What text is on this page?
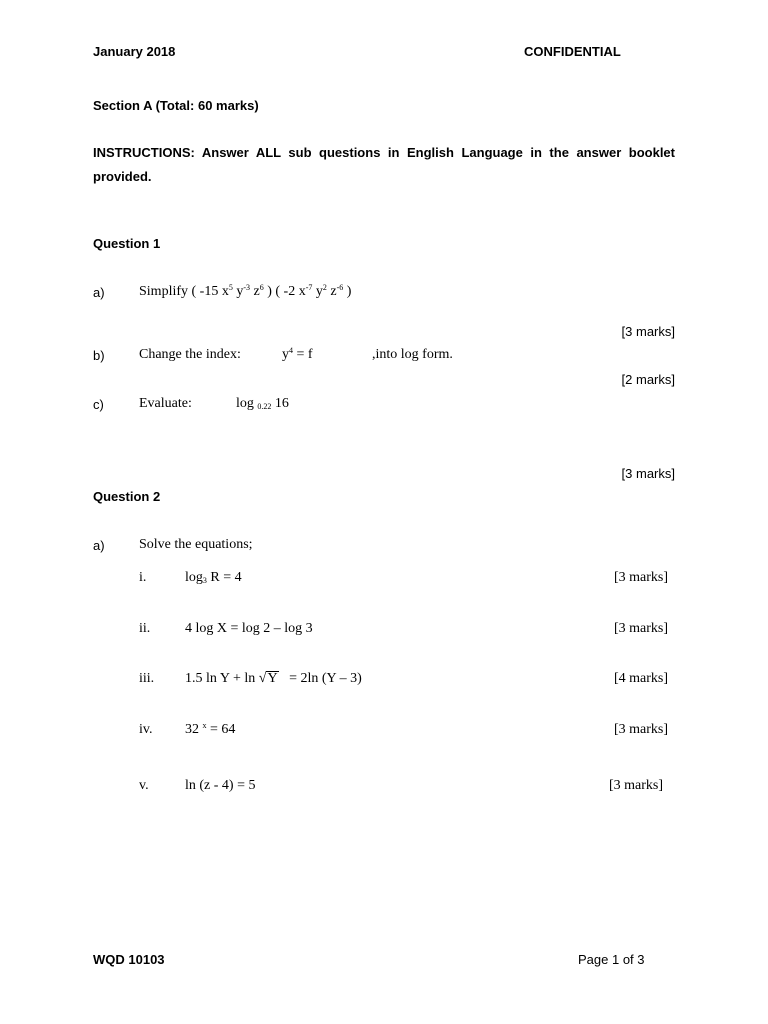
January 2018	CONFIDENTIAL
Section A (Total: 60 marks)
INSTRUCTIONS: Answer ALL sub questions in English Language in the answer booklet provided.
Question 1
a) Simplify ( -15 $x^5$ $y^{-3}$ $z^6$ ) ( -2 $x^{-7}$ $y^2$ $z^{-6}$ )
[3 marks]
b) Change the index:	$y^4 = f$	,into log form.
[2 marks]
c)	Evaluate:	log $_{0.22}$ 16
[3 marks]
Question 2
a) Solve the equations;
i.	$\log_3 R = 4$	[3 marks]
ii. 4 log X = log 2 – log 3	[3 marks]
iii. 1.5 ln Y + ln √Y   = 2ln (Y – 3)	[4 marks]
iv. 32 $^x$ = 64	[3 marks]
v.	ln (z - 4) = 5	[3 marks]
WQD 10103	Page 1 of 3
